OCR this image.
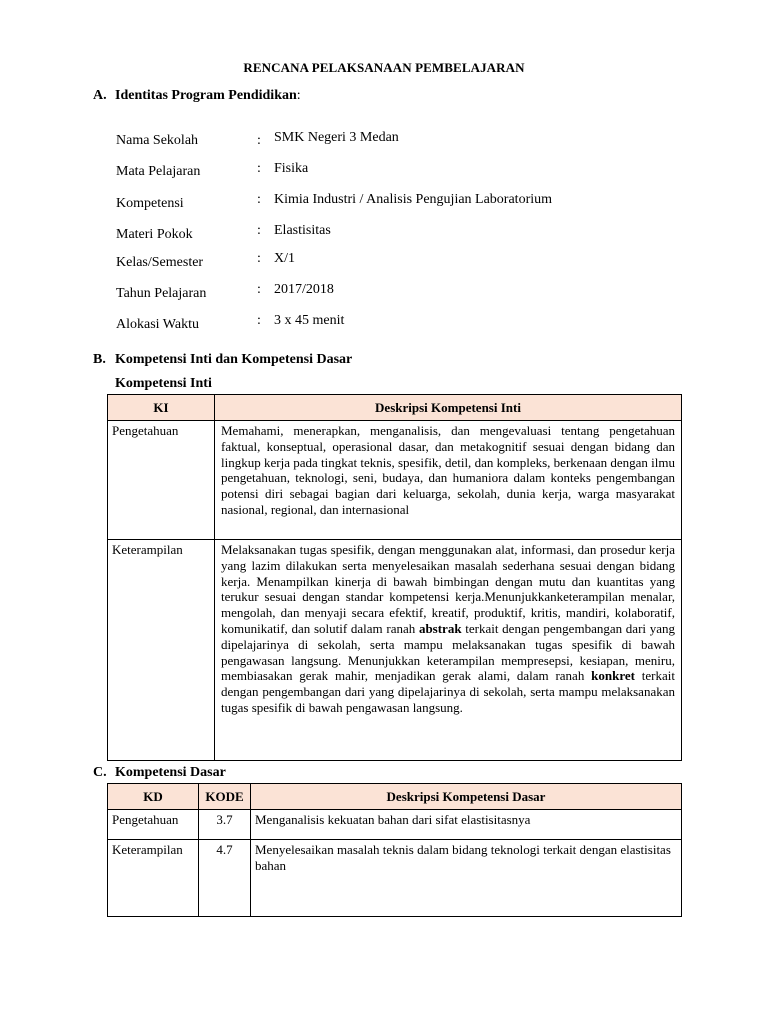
RENCANA PELAKSANAAN PEMBELAJARAN
A. Identitas Program Pendidikan:
Nama Sekolah	: SMK Negeri 3 Medan
Mata Pelajaran	: Fisika
Kompetensi	: Kimia Industri / Analisis Pengujian Laboratorium
Materi Pokok	: Elastisitas
Kelas/Semester	: X/1
Tahun Pelajaran	: 2017/2018
Alokasi Waktu	: 3 x 45 menit
B. Kompetensi Inti dan Kompetensi Dasar
Kompetensi Inti
KI	Deskripsi Kompetensi Inti
Pengetahuan	Memahami, menerapkan, menganalisis, dan mengevaluasi tentang pengetahuan faktual, konseptual, operasional dasar, dan metakognitif sesuai dengan bidang dan lingkup kerja pada tingkat teknis, spesifik, detil, dan kompleks, berkenaan dengan ilmu pengetahuan, teknologi, seni, budaya, dan humaniora dalam konteks pengembangan potensi diri sebagai bagian dari keluarga, sekolah, dunia kerja, warga masyarakat nasional, regional, dan internasional
Keterampilan	Melaksanakan tugas spesifik, dengan menggunakan alat, informasi, dan prosedur kerja yang lazim dilakukan serta menyelesaikan masalah sederhana sesuai dengan bidang kerja. Menampilkan kinerja di bawah bimbingan dengan mutu dan kuantitas yang terukur sesuai dengan standar kompetensi kerja.Menunjukkanketerampilan menalar, mengolah, dan menyaji secara efektif, kreatif, produktif, kritis, mandiri, kolaboratif, komunikatif, dan solutif dalam ranah abstrak terkait dengan pengembangan dari yang dipelajarinya di sekolah, serta mampu melaksanakan tugas spesifik di bawah pengawasan langsung. Menunjukkan keterampilan mempresepsi, kesiapan, meniru, membiasakan gerak mahir, menjadikan gerak alami, dalam ranah konkret terkait dengan pengembangan dari yang dipelajarinya di sekolah, serta mampu melaksanakan tugas spesifik di bawah pengawasan langsung.
C. Kompetensi Dasar
KD	KODE	Deskripsi Kompetensi Dasar
Pengetahuan	3.7	Menganalisis kekuatan bahan dari sifat elastisitasnya
Keterampilan	4.7	Menyelesaikan masalah teknis dalam bidang teknologi terkait dengan elastisitas bahan
